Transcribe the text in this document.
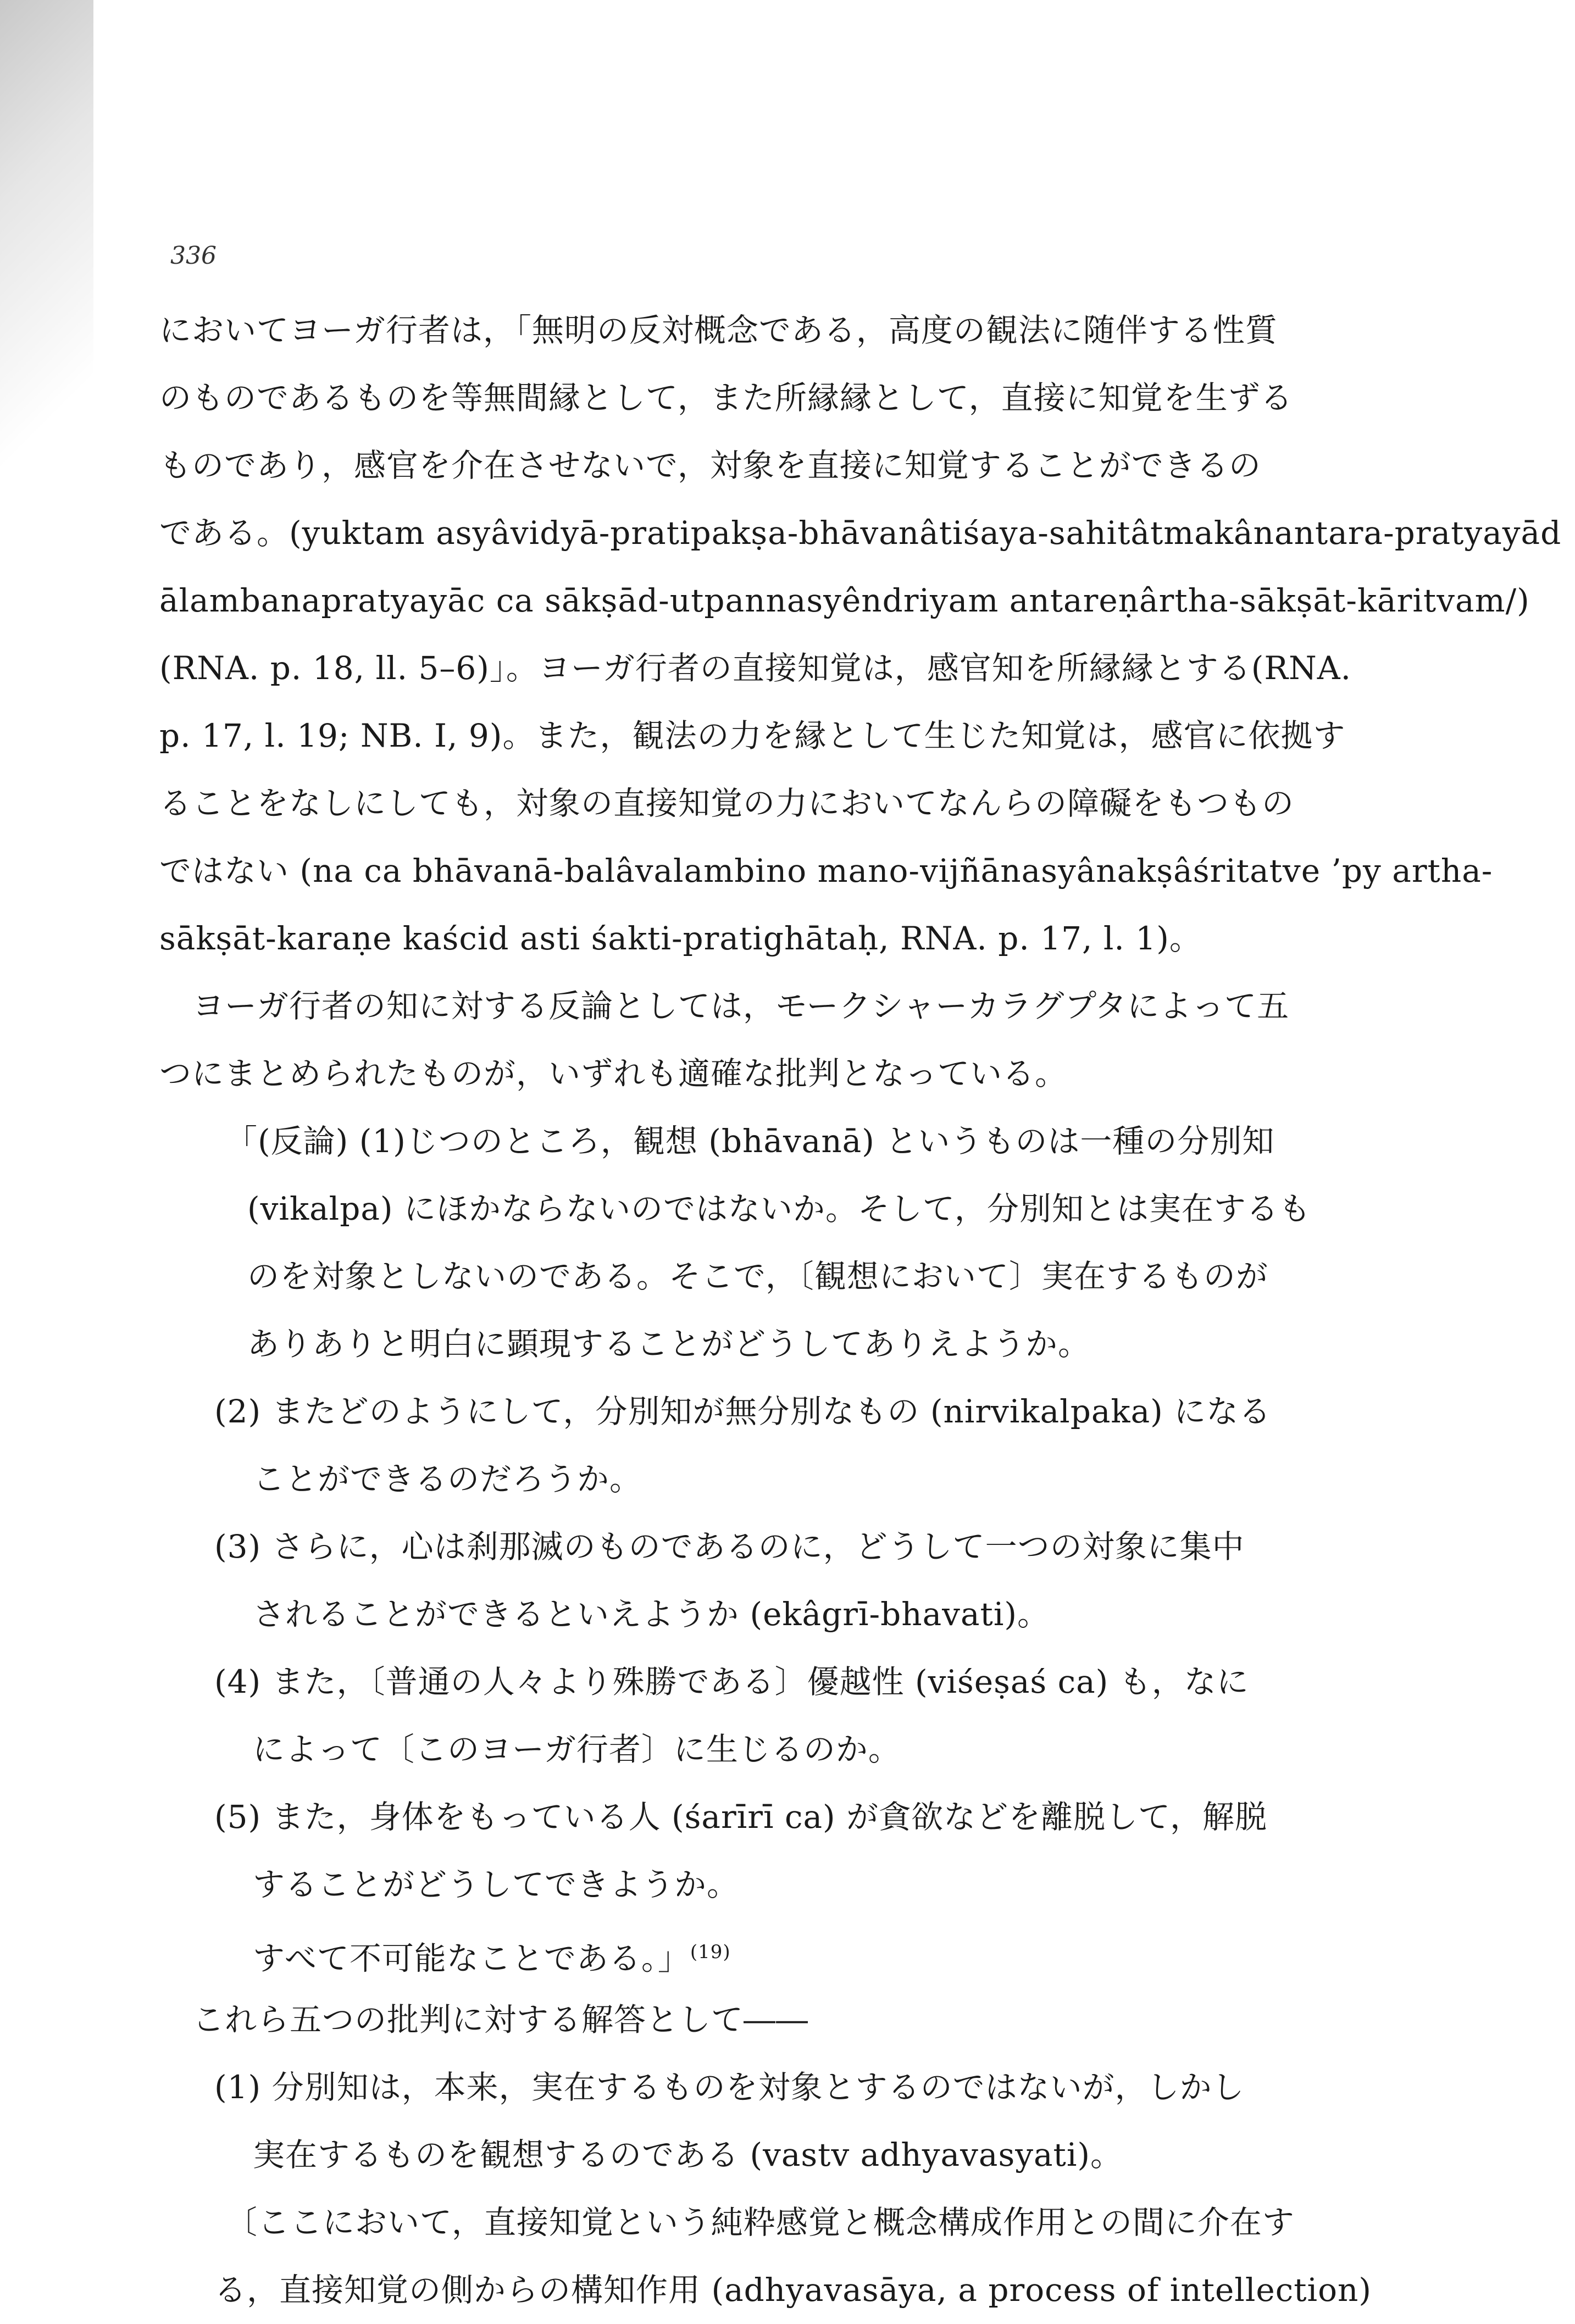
336
においてヨーガ行者は，「無明の反対概念である，高度の観法に随伴する性質
のものであるものを等無間縁として，また所縁縁として，直接に知覚を生ずる
ものであり，感官を介在させないで，対象を直接に知覚することができるの
である。(yuktam asyâvidyā-pratipakṣa-bhāvanâtiśaya-sahitâtmakânantara-pratyayād
ālambanapratyayāc ca sākṣād-utpannasyêndriyam antareṇârtha-sākṣāt-kāritvam/)
(RNA. p. 18, ll. 5–6)」。ヨーガ行者の直接知覚は，感官知を所縁縁とする(RNA.
p. 17, l. 19; NB. I, 9)。また，観法の力を縁として生じた知覚は，感官に依拠す
ることをなしにしても，対象の直接知覚の力においてなんらの障礙をもつもの
ではない (na ca bhāvanā-balâvalambino mano-vijñānasyânakṣâśritatve ’py artha-
sākṣāt-karaṇe kaścid asti śakti-pratighātaḥ, RNA. p. 17, l. 1)。
ヨーガ行者の知に対する反論としては，モークシャーカラグプタによって五
つにまとめられたものが，いずれも適確な批判となっている。
「(反論) (1)じつのところ，観想 (bhāvanā) というものは一種の分別知
(vikalpa) にほかならないのではないか。そして，分別知とは実在するも
のを対象としないのである。そこで，〔観想において〕実在するものが
ありありと明白に顕現することがどうしてありえようか。
(2) またどのようにして，分別知が無分別なもの (nirvikalpaka) になる
ことができるのだろうか。
(3) さらに，心は刹那滅のものであるのに，どうして一つの対象に集中
されることができるといえようか (ekâgrī-bhavati)。
(4) また，〔普通の人々より殊勝である〕優越性 (viśeṣaś ca) も，なに
によって〔このヨーガ行者〕に生じるのか。
(5) また，身体をもっている人 (śarīrī ca) が貪欲などを離脱して，解脱
することがどうしてできようか。
すべて不可能なことである。」$^{(19)}$
これら五つの批判に対する解答として――
(1) 分別知は，本来，実在するものを対象とするのではないが，しかし
実在するものを観想するのである (vastv adhyavasyati)。
〔ここにおいて，直接知覚という純粋感覚と概念構成作用との間に介在す
る，直接知覚の側からの構知作用 (adhyavasāya, a process of intellection)
